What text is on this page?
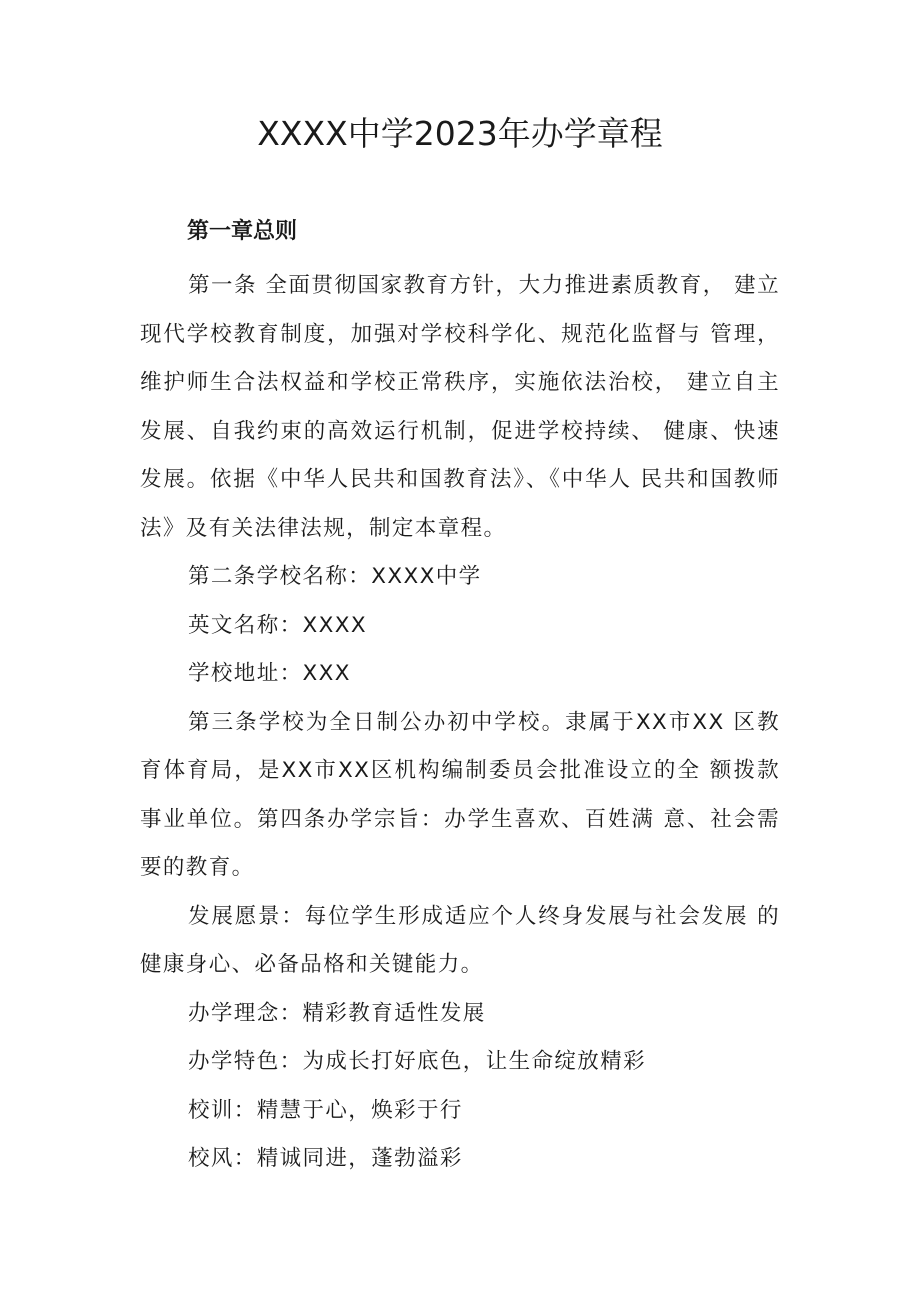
XXXX中学2023年办学章程
第一章总则

第一条 全面贯彻国家教育方针，大力推进素质教育， 建立现代学校教育制度，加强对学校科学化、规范化监督与 管理，维护师生合法权益和学校正常秩序，实施依法治校， 建立自主发展、自我约束的高效运行机制，促进学校持续、 健康、快速发展。依据《中华人民共和国教育法》、《中华人 民共和国教师法》及有关法律法规，制定本章程。

第二条学校名称：XXXX中学

英文名称：XXXX

学校地址：XXX

第三条学校为全日制公办初中学校。隶属于XX市XX 区教育体育局，是XX市XX区机构编制委员会批准设立的全 额拨款事业单位。第四条办学宗旨：办学生喜欢、百姓满 意、社会需要的教育。

发展愿景：每位学生形成适应个人终身发展与社会发展 的健康身心、必备品格和关键能力。

办学理念：精彩教育适性发展

办学特色：为成长打好底色，让生命绽放精彩

校训：精慧于心，焕彩于行

校风：精诚同进，蓬勃溢彩
